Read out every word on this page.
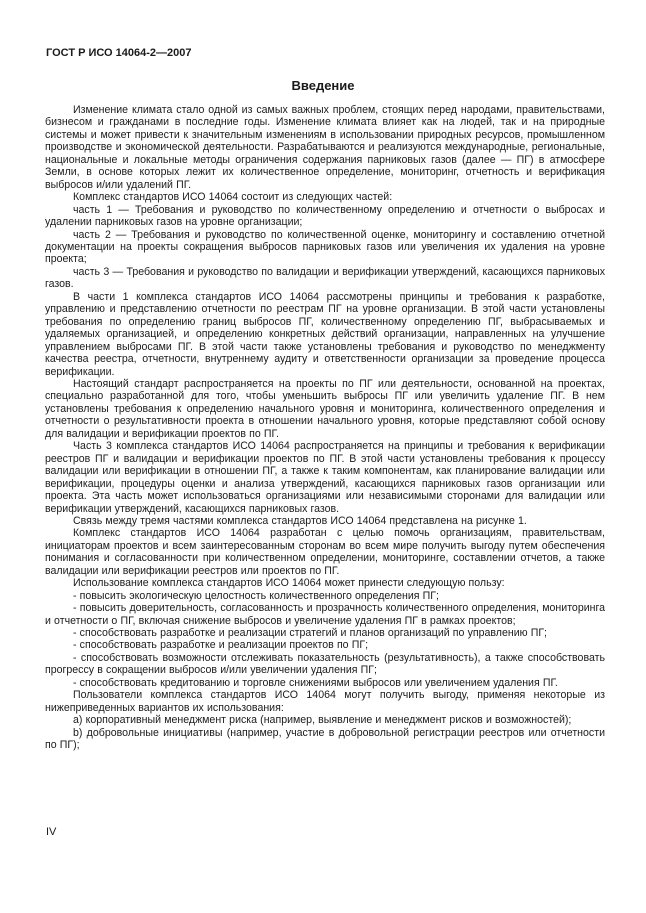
ГОСТ Р ИСО 14064-2—2007
Введение

Изменение климата стало одной из самых важных проблем, стоящих перед народами, правительствами, бизнесом и гражданами в последние годы. Изменение климата влияет как на людей, так и на природные системы и может привести к значительным изменениям в использовании природных ресурсов, промышленном производстве и экономической деятельности. Разрабатываются и реализуются международные, региональные, национальные и локальные методы ограничения содержания парниковых газов (далее — ПГ) в атмосфере Земли, в основе которых лежит их количественное определение, мониторинг, отчетность и верификация выбросов и/или удалений ПГ.

Комплекс стандартов ИСО 14064 состоит из следующих частей:

часть 1 — Требования и руководство по количественному определению и отчетности о выбросах и удалении парниковых газов на уровне организации;

часть 2 — Требования и руководство по количественной оценке, мониторингу и составлению отчетной документации на проекты сокращения выбросов парниковых газов или увеличения их удаления на уровне проекта;

часть 3 — Требования и руководство по валидации и верификации утверждений, касающихся парниковых газов.

В части 1 комплекса стандартов ИСО 14064 рассмотрены принципы и требования к разработке, управлению и представлению отчетности по реестрам ПГ на уровне организации. В этой части установлены требования по определению границ выбросов ПГ, количественному определению ПГ, выбрасываемых и удаляемых организацией, и определению конкретных действий организации, направленных на улучшение управлением выбросами ПГ. В этой части также установлены требования и руководство по менеджменту качества реестра, отчетности, внутреннему аудиту и ответственности организации за проведение процесса верификации.

Настоящий стандарт распространяется на проекты по ПГ или деятельности, основанной на проектах, специально разработанной для того, чтобы уменьшить выбросы ПГ или увеличить удаление ПГ. В нем установлены требования к определению начального уровня и мониторинга, количественного определения и отчетности о результативности проекта в отношении начального уровня, которые представляют собой основу для валидации и верификации проектов по ПГ.

Часть 3 комплекса стандартов ИСО 14064 распространяется на принципы и требования к верификации реестров ПГ и валидации и верификации проектов по ПГ. В этой части установлены требования к процессу валидации или верификации в отношении ПГ, а также к таким компонентам, как планирование валидации или верификации, процедуры оценки и анализа утверждений, касающихся парниковых газов организации или проекта. Эта часть может использоваться организациями или независимыми сторонами для валидации или верификации утверждений, касающихся парниковых газов.

Связь между тремя частями комплекса стандартов ИСО 14064 представлена на рисунке 1.

Комплекс стандартов ИСО 14064 разработан с целью помочь организациям, правительствам, инициаторам проектов и всем заинтересованным сторонам во всем мире получить выгоду путем обеспечения понимания и согласованности при количественном определении, мониторинге, составлении отчетов, а также валидации или верификации реестров или проектов по ПГ.

Использование комплекса стандартов ИСО 14064 может принести следующую пользу:

- повысить экологическую целостность количественного определения ПГ;

- повысить доверительность, согласованность и прозрачность количественного определения, мониторинга и отчетности о ПГ, включая снижение выбросов и увеличение удаления ПГ в рамках проектов;

- способствовать разработке и реализации стратегий и планов организаций по управлению ПГ;

- способствовать разработке и реализации проектов по ПГ;

- способствовать возможности отслеживать показательность (результативность), а также способствовать прогрессу в сокращении выбросов и/или увеличении удаления ПГ;

- способствовать кредитованию и торговле снижениями выбросов или увеличением удаления ПГ.

Пользователи комплекса стандартов ИСО 14064 могут получить выгоду, применяя некоторые из нижеприведенных вариантов их использования:

a) корпоративный менеджмент риска (например, выявление и менеджмент рисков и возможностей);

b) добровольные инициативы (например, участие в добровольной регистрации реестров или отчетности по ПГ);

IV
